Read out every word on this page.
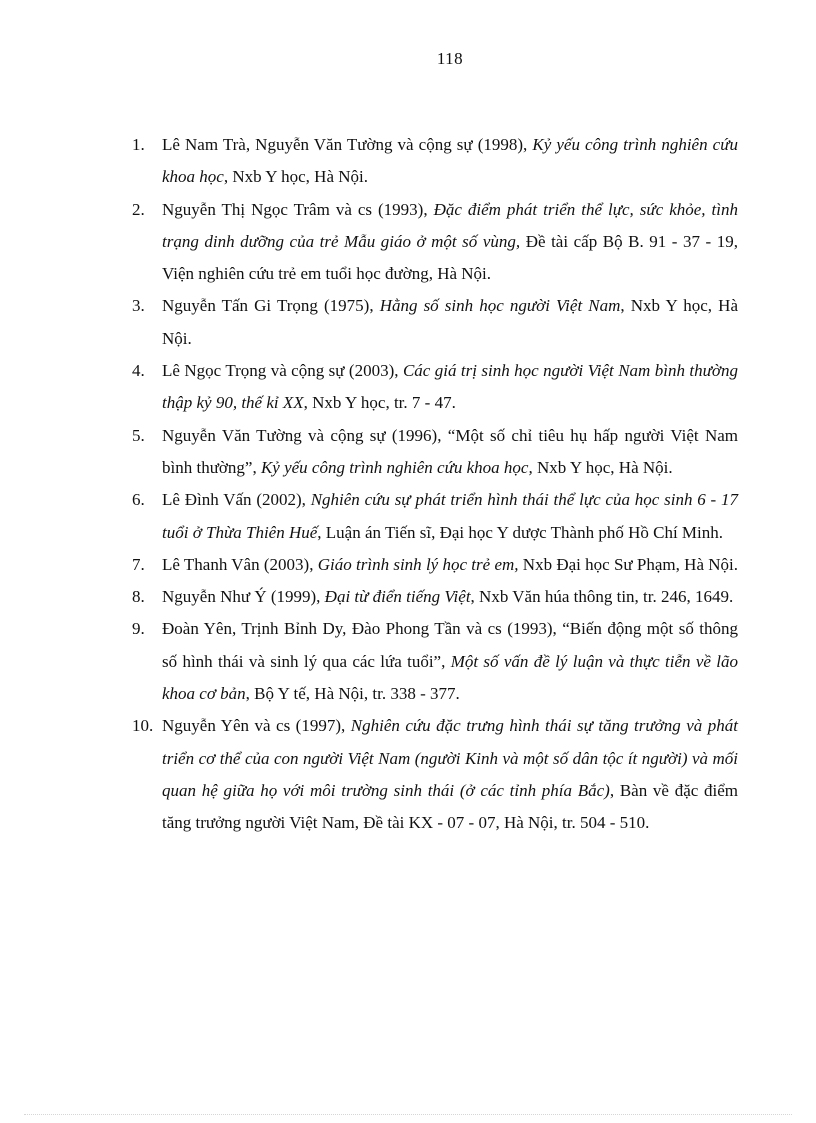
118
1.	Lê Nam Trà, Nguyễn Văn Tường và cộng sự (1998), Kỷ yếu công trình nghiên cứu khoa học, Nxb Y học, Hà Nội.
2.	Nguyễn Thị Ngọc Trâm và cs (1993), Đặc điểm phát triển thể lực, sức khỏe, tình trạng dinh dưỡng của trẻ Mẫu giáo ở một số vùng, Đề tài cấp Bộ B. 91 - 37 - 19, Viện nghiên cứu trẻ em tuổi học đường, Hà Nội.
3.	Nguyễn Tấn Gi Trọng (1975), Hằng số sinh học người Việt Nam, Nxb Y học, Hà Nội.
4.	Lê Ngọc Trọng và cộng sự (2003), Các giá trị sinh học người Việt Nam bình thường thập kỷ 90, thế kỉ XX, Nxb Y học, tr. 7 - 47.
5.	Nguyễn Văn Tường và cộng sự (1996), “Một số chỉ tiêu hụ hấp người Việt Nam bình thường”, Kỷ yếu công trình nghiên cứu khoa học, Nxb Y học, Hà Nội.
6.	Lê Đình Vấn (2002), Nghiên cứu sự phát triển hình thái thể lực của học sinh 6 - 17 tuổi ở Thừa Thiên Huế, Luận án Tiến sĩ, Đại học Y dược Thành phố Hồ Chí Minh.
7.	Lê Thanh Vân (2003), Giáo trình sinh lý học trẻ em, Nxb Đại học Sư Phạm, Hà Nội.
8.	Nguyễn Như Ý (1999), Đại từ điển tiếng Việt, Nxb Văn húa thông tin, tr. 246, 1649.
9.	Đoàn Yên, Trịnh Bỉnh Dy, Đào Phong Tần và cs (1993), “Biến động một số thông số hình thái và sinh lý qua các lứa tuổi”, Một số vấn đề lý luận và thực tiễn về lão khoa cơ bản, Bộ Y tế, Hà Nội, tr. 338 - 377.
10. Nguyễn Yên và cs (1997), Nghiên cứu đặc trưng hình thái sự tăng trưởng và phát triển cơ thể của con người Việt Nam (người Kinh và một số dân tộc ít người) và mối quan hệ giữa họ với môi trường sinh thái (ở các tỉnh phía Bắc), Bàn về đặc điểm tăng trưởng người Việt Nam, Đề tài KX - 07 - 07, Hà Nội, tr. 504 - 510.
